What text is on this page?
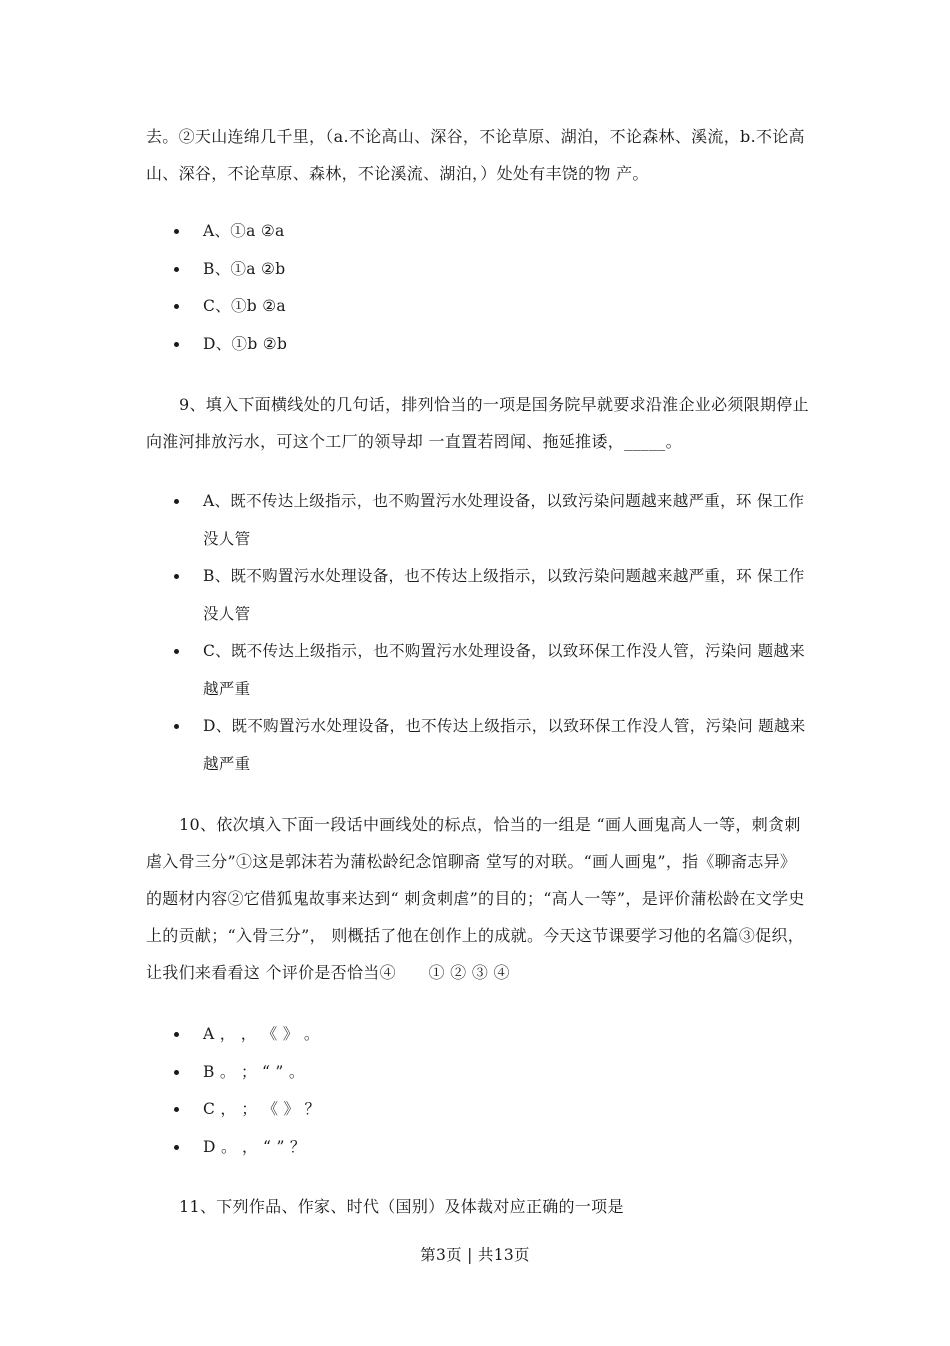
去。②天山连绵几千里，（a.不论高山、深谷，不论草原、湖泊，不论森林、溪流，b.不论高山、深谷，不论草原、森林，不论溪流、湖泊，）处处有丰饶的物 产。
A、①a ②a
B、①a ②b
C、①b ②a
D、①b ②b
9、填入下面横线处的几句话，排列恰当的一项是国务院早就要求沿淮企业必须限期停止向淮河排放污水，可这个工厂的领导却 一直置若罔闻、拖延推诿，_____。
A、既不传达上级指示，也不购置污水处理设备，以致污染问题越来越严重，环 保工作没人管
B、既不购置污水处理设备，也不传达上级指示，以致污染问题越来越严重，环 保工作没人管
C、既不传达上级指示，也不购置污水处理设备，以致环保工作没人管，污染问 题越来越严重
D、既不购置污水处理设备，也不传达上级指示，以致环保工作没人管，污染问 题越来越严重
10、依次填入下面一段话中画线处的标点，恰当的一组是 “画人画鬼高人一等，刺贪刺虐入骨三分”①这是郭沫若为蒲松龄纪念馆聊斋 堂写的对联。“画人画鬼”，指《聊斋志异》的题材内容②它借狐鬼故事来达到“ 刺贪刺虐”的目的；“高人一等”，是评价蒲松龄在文学史上的贡献；“入骨三分”， 则概括了他在创作上的成就。今天这节课要学习他的名篇③促织，让我们来看看这 个评价是否恰当④　　① ② ③ ④
A ， ， 《 》 。
B 。 ； “ ” 。
C ， ； 《 》 ？
D 。 ， “ ” ？
11、下列作品、作家、时代（国别）及体裁对应正确的一项是
第3页 | 共13页
